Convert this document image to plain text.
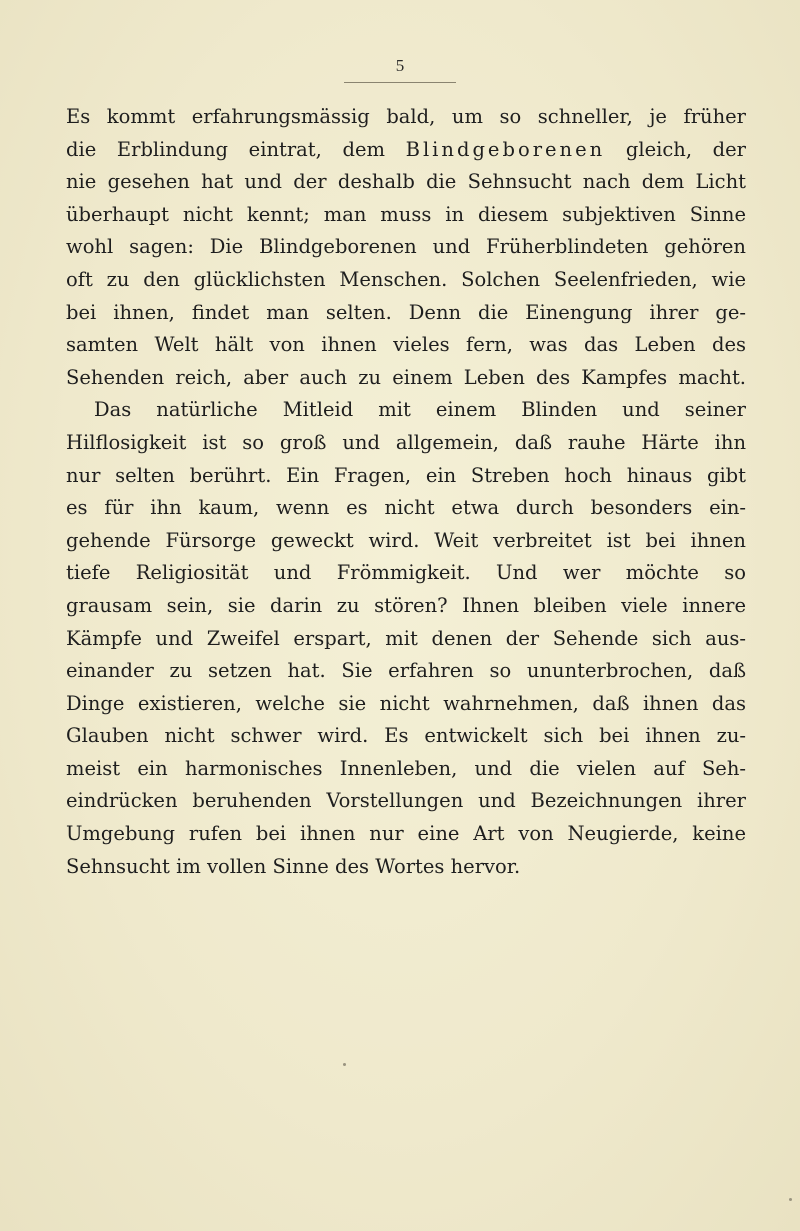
5
Es kommt erfahrungsmässig bald, um so schneller, je früher
die Erblindung eintrat, dem Blindgeborenen gleich, der
nie gesehen hat und der deshalb die Sehnsucht nach dem Licht
überhaupt nicht kennt; man muss in diesem subjektiven Sinne
wohl sagen: Die Blindgeborenen und Früherblindeten gehören
oft zu den glücklichsten Menschen. Solchen Seelenfrieden, wie
bei ihnen, findet man selten. Denn die Einengung ihrer ge-
samten Welt hält von ihnen vieles fern, was das Leben des
Sehenden reich, aber auch zu einem Leben des Kampfes macht.
Das natürliche Mitleid mit einem Blinden und seiner
Hilflosigkeit ist so groß und allgemein, daß rauhe Härte ihn
nur selten berührt. Ein Fragen, ein Streben hoch hinaus gibt
es für ihn kaum, wenn es nicht etwa durch besonders ein-
gehende Fürsorge geweckt wird. Weit verbreitet ist bei ihnen
tiefe Religiosität und Frömmigkeit. Und wer möchte so
grausam sein, sie darin zu stören? Ihnen bleiben viele innere
Kämpfe und Zweifel erspart, mit denen der Sehende sich aus-
einander zu setzen hat. Sie erfahren so ununterbrochen, daß
Dinge existieren, welche sie nicht wahrnehmen, daß ihnen das
Glauben nicht schwer wird. Es entwickelt sich bei ihnen zu-
meist ein harmonisches Innenleben, und die vielen auf Seh-
eindrücken beruhenden Vorstellungen und Bezeichnungen ihrer
Umgebung rufen bei ihnen nur eine Art von Neugierde, keine
Sehnsucht im vollen Sinne des Wortes hervor.
